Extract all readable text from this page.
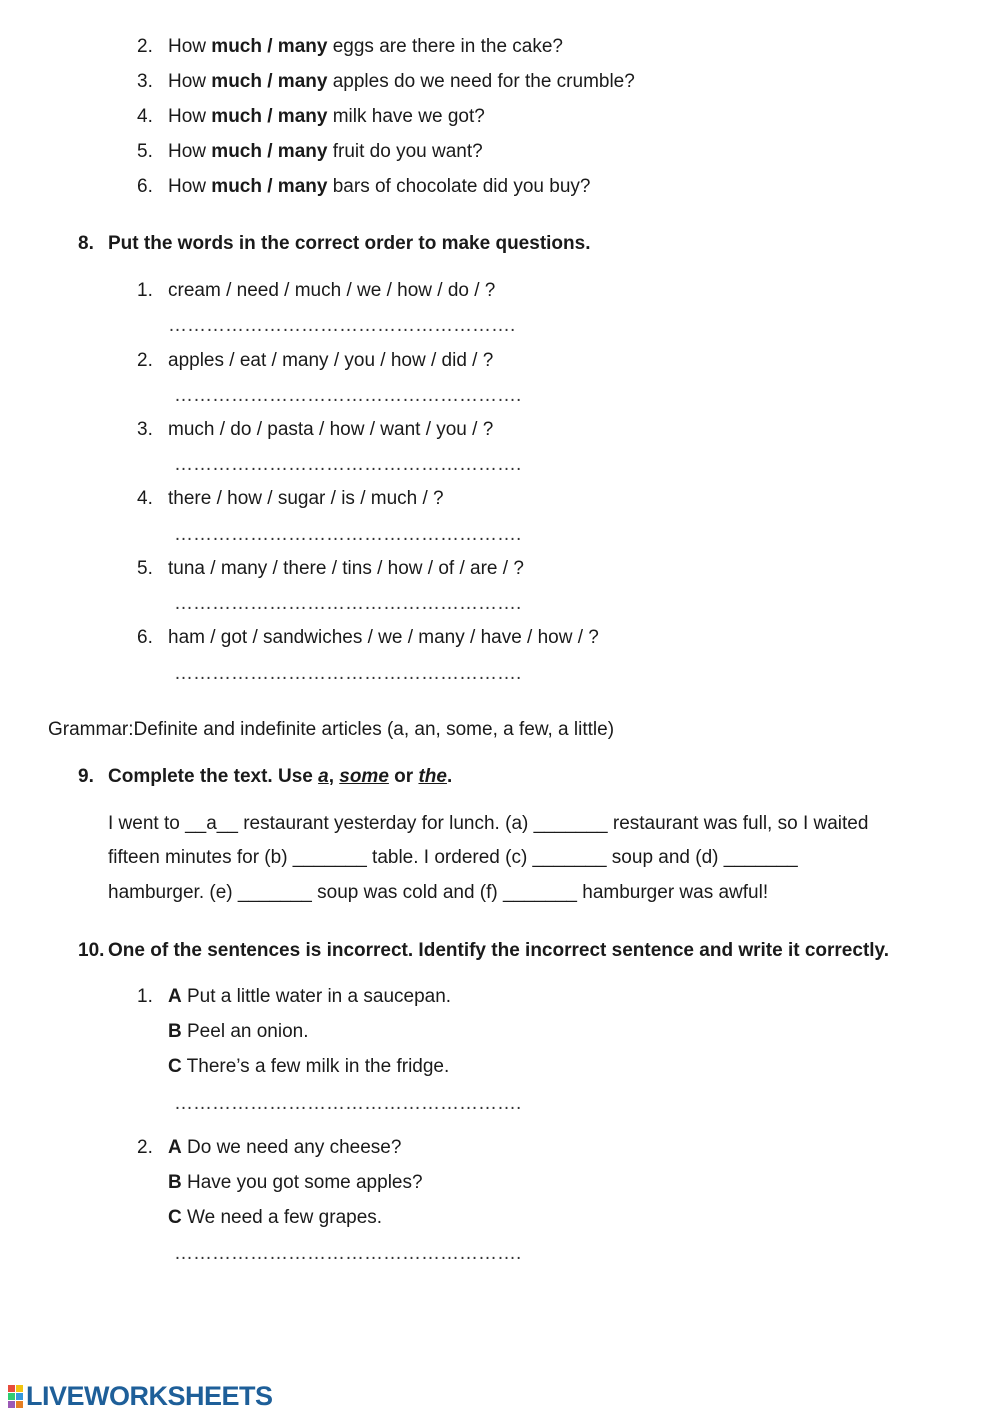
2. How much / many eggs are there in the cake?
3. How much / many apples do we need for the crumble?
4. How much / many milk have we got?
5. How much / many fruit do you want?
6. How much / many bars of chocolate did you buy?
8. Put the words in the correct order to make questions.
1. cream / need / much / we / how / do / ?
……………………………………………….
2. apples / eat / many / you / how / did / ?
……………………………………………….
3. much / do / pasta / how / want / you / ?
……………………………………………….
4. there / how / sugar / is / much / ?
……………………………………………….
5. tuna / many / there / tins / how / of / are / ?
……………………………………………….
6. ham / got / sandwiches / we / many / have / how / ?
……………………………………………….
Grammar:Definite and indefinite articles (a, an, some, a few, a little)
9. Complete the text. Use a, some or the.
I went to __a__ restaurant yesterday for lunch. (a) _______ restaurant was full, so I waited
fifteen minutes for (b) _______ table. I ordered (c) _______ soup and (d) _______
hamburger. (e) _______ soup was cold and (f) _______ hamburger was awful!
10. One of the sentences is incorrect. Identify the incorrect sentence and write it correctly.
1. A Put a little water in a saucepan.
B Peel an onion.
C There’s a few milk in the fridge.
……………………………………………….
2. A Do we need any cheese?
B Have you got some apples?
C We need a few grapes.
……………………………………………….
LIVEWORKSHEETS
